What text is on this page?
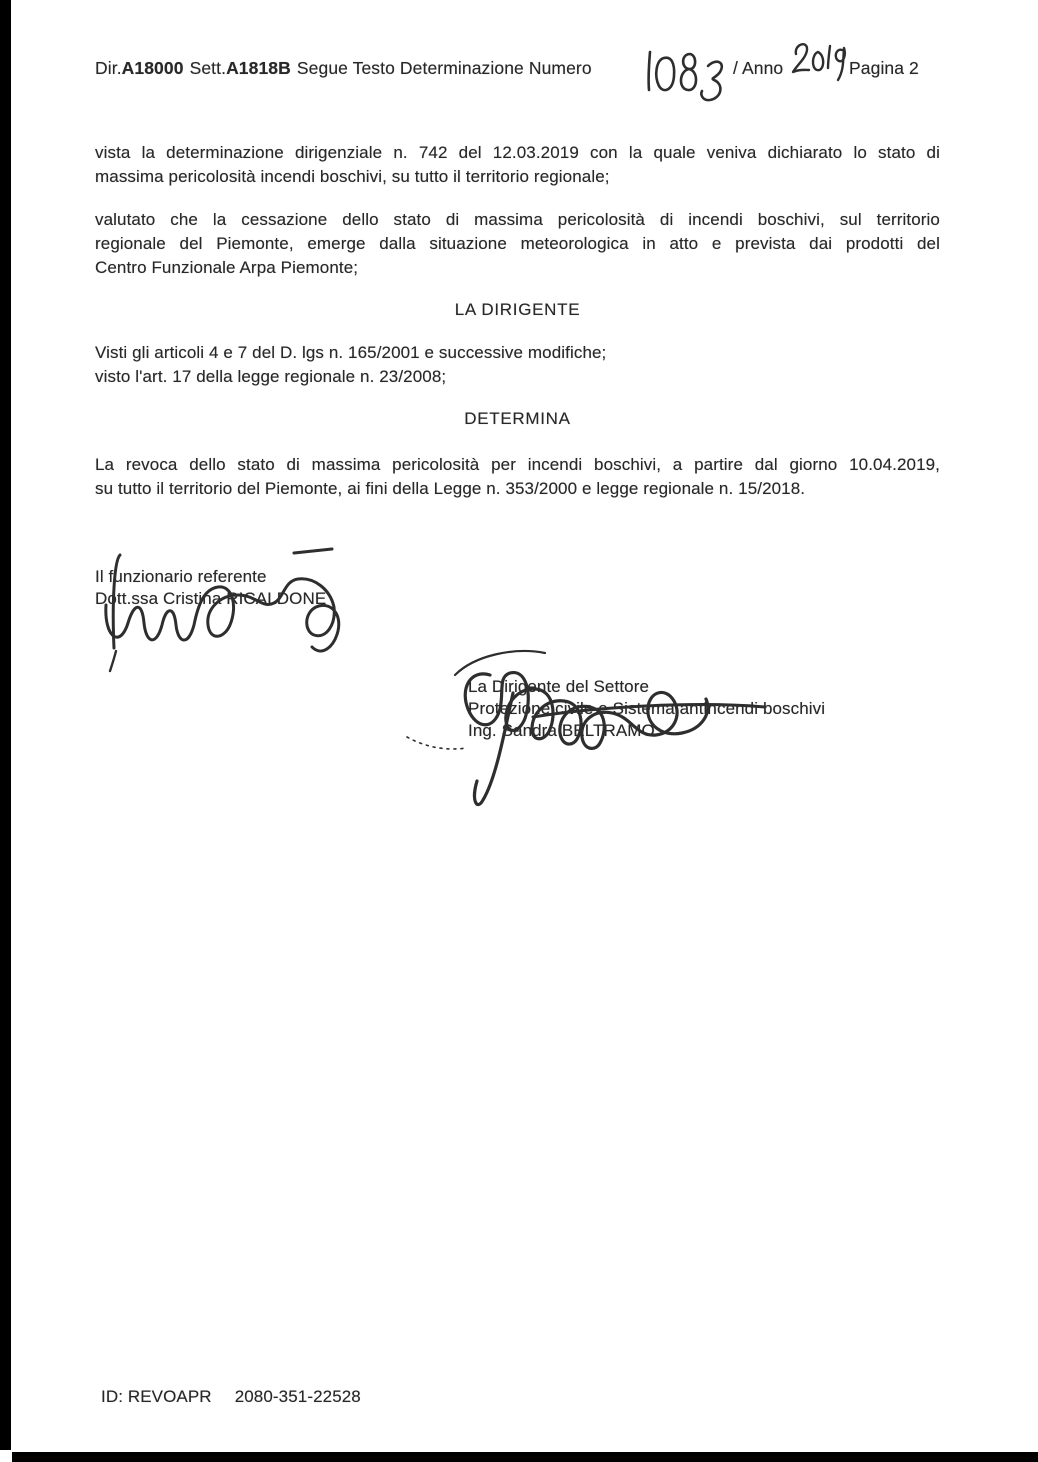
Dir.A18000 Sett.A1818B Segue Testo Determinazione Numero	/ Anno	Pagina 2
vista la determinazione dirigenziale n. 742 del 12.03.2019 con la quale veniva dichiarato lo stato di
massima pericolosità incendi boschivi, su tutto il territorio regionale;
valutato che la cessazione dello stato di massima pericolosità di incendi boschivi, sul territorio
regionale del Piemonte, emerge dalla situazione meteorologica in atto e prevista dai prodotti del
Centro Funzionale Arpa Piemonte;
LA DIRIGENTE
Visti gli articoli 4 e 7 del D. lgs n. 165/2001 e successive modifiche;
visto l'art. 17 della legge regionale n. 23/2008;
DETERMINA
La revoca dello stato di massima pericolosità per incendi boschivi, a partire dal giorno 10.04.2019,
su tutto il territorio del Piemonte, ai fini della Legge n. 353/2000 e legge regionale n. 15/2018.
Il funzionario referente
Dott.ssa Cristina RICALDONE
La Dirigente del Settore
Protezione civile e Sistema antincendi boschivi
Ing. Sandra BELTRAMO
ID: REVOAPR 2080-351-22528
